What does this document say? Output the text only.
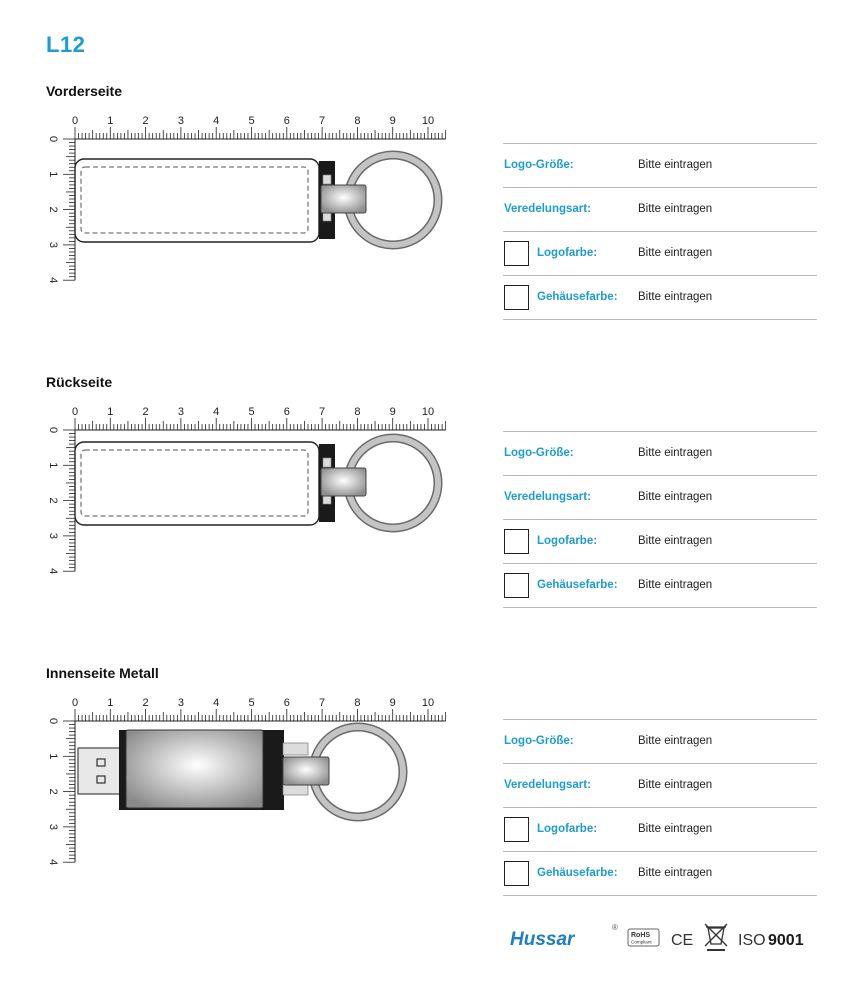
L12
Vorderseite
0	1	2	3	4	5	6	7	8	9 10
0
1
2
3
4
Logo-Größe:	Bitte eintragen
Veredelungsart:	Bitte eintragen
Logofarbe:	Bitte eintragen
Gehäusefarbe: Bitte eintragen
Rückseite
0	1	2	3	4	5	6	7	8	9 10
0
1
2
3
4
Logo-Größe:	Bitte eintragen
Veredelungsart:	Bitte eintragen
Logofarbe:	Bitte eintragen
Gehäusefarbe: Bitte eintragen
Innenseite Metall
0	1	2	3	4	5	6	7	8	9 10
0
1
2
3
4
Logo-Größe:	Bitte eintragen
Veredelungsart:	Bitte eintragen
Logofarbe:	Bitte eintragen
Gehäusefarbe: Bitte eintragen
Hussar
®
RoHS
Compliant CE	ISO 9001
